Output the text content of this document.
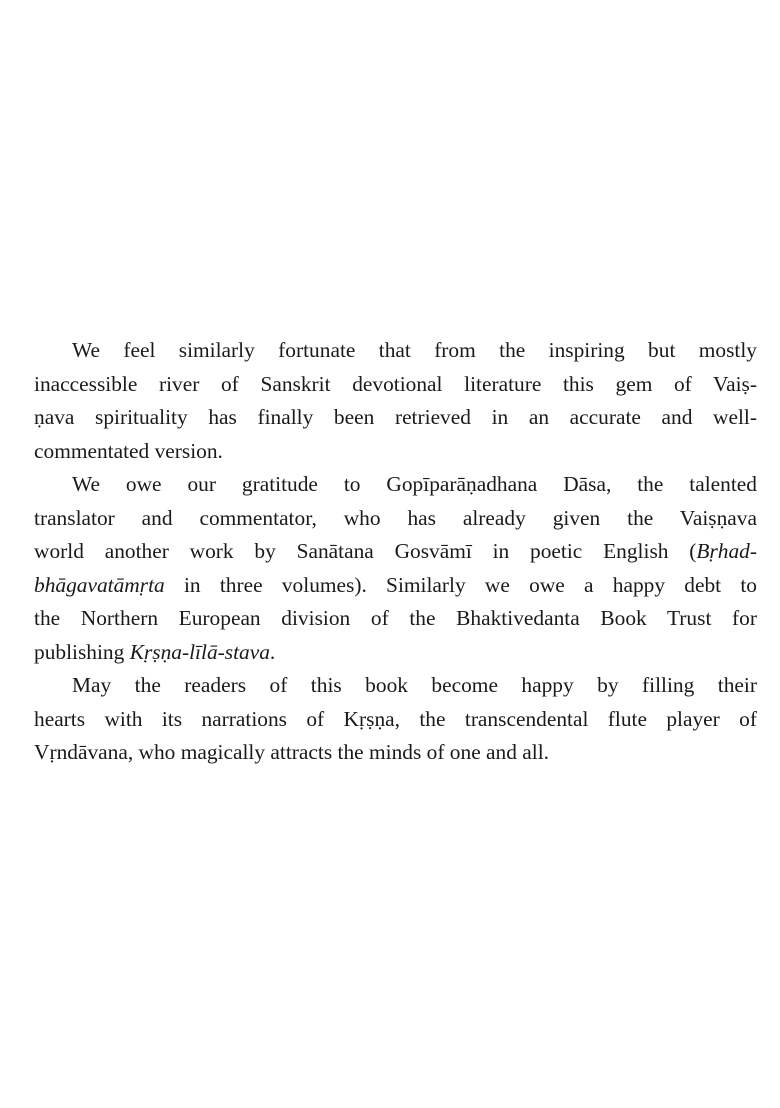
We feel similarly fortunate that from the inspiring but mostly
inaccessible river of Sanskrit devotional literature this gem of Vaiṣ-
ṇava spirituality has finally been retrieved in an accurate and well-
commentated version.
We owe our gratitude to Gopīparāṇadhana Dāsa, the talented
translator and commentator, who has already given the Vaiṣṇava
world another work by Sanātana Gosvāmī in poetic English (Bṛhad-
bhāgavatāmṛta in three volumes). Similarly we owe a happy debt to
the Northern European division of the Bhaktivedanta Book Trust for
publishing Kṛṣṇa-līlā-stava.
May the readers of this book become happy by filling their
hearts with its narrations of Kṛṣṇa, the transcendental flute player of
Vṛndāvana, who magically attracts the minds of one and all.
